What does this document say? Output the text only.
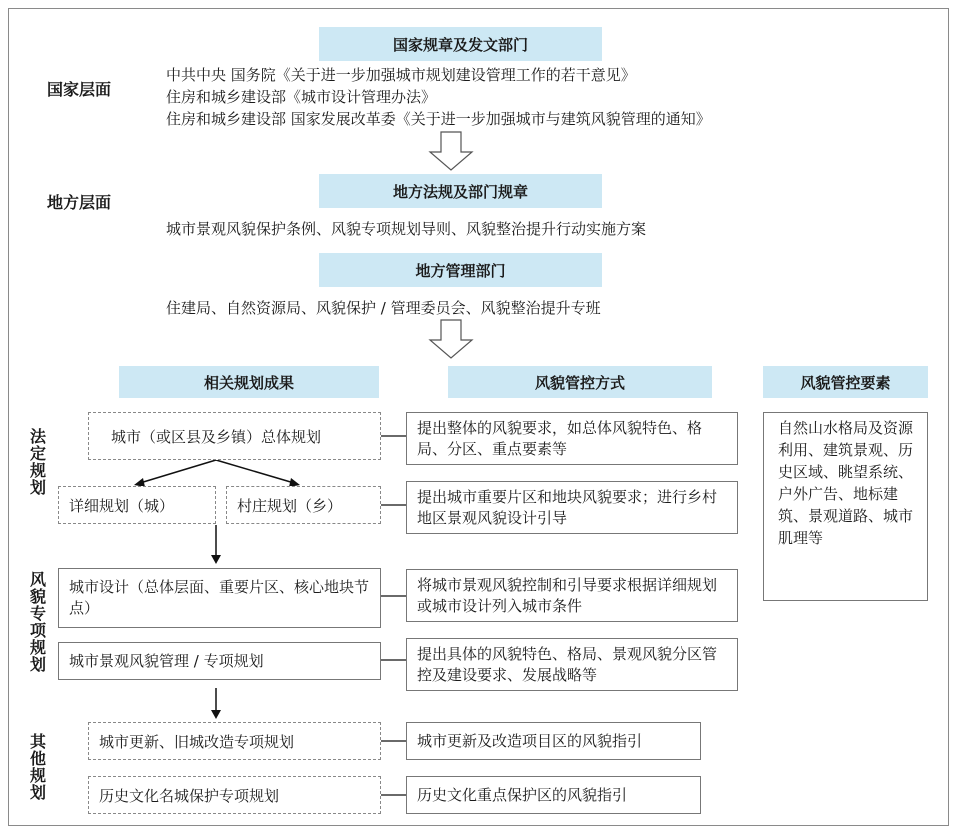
国家层面
国家规章及发文部门
中共中央 国务院《关于进一步加强城市规划建设管理工作的若干意见》
住房和城乡建设部《城市设计管理办法》
住房和城乡建设部 国家发展改革委《关于进一步加强城市与建筑风貌管理的通知》
地方层面
地方法规及部门规章
城市景观风貌保护条例、风貌专项规划导则、风貌整治提升行动实施方案
地方管理部门
住建局、自然资源局、风貌保护 / 管理委员会、风貌整治提升专班
相关规划成果	风貌管控方式	风貌管控要素
自然山水格局及资源利用、建筑景观、历史区域、眺望系统、户外广告、地标建筑、景观道路、城市肌理等
法定规划
风貌专项规划
其他规划
城市（或区县及乡镇）总体规划
详细规划（城）	村庄规划（乡）
城市设计（总体层面、重要片区、核心地块节点）
城市景观风貌管理 / 专项规划
城市更新、旧城改造专项规划
历史文化名城保护专项规划
提出整体的风貌要求，如总体风貌特色、格局、分区、重点要素等
提出城市重要片区和地块风貌要求；进行乡村地区景观风貌设计引导
将城市景观风貌控制和引导要求根据详细规划或城市设计列入城市条件
提出具体的风貌特色、格局、景观风貌分区管控及建设要求、发展战略等
城市更新及改造项目区的风貌指引
历史文化重点保护区的风貌指引
